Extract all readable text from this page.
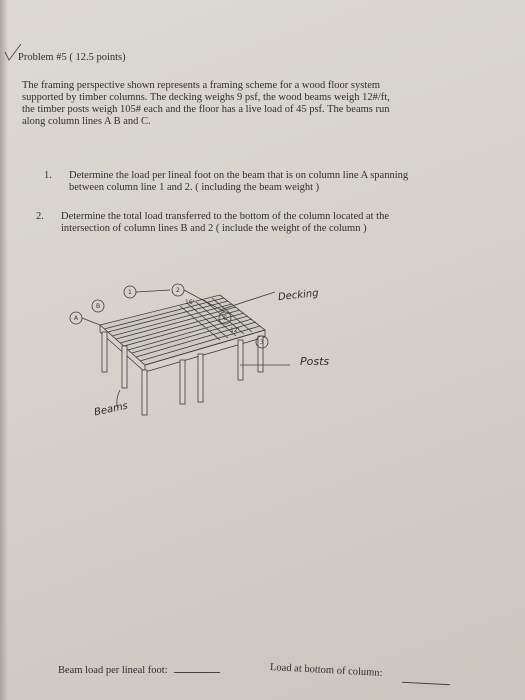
Problem #5 ( 12.5 points)
The framing perspective shown represents a framing scheme for a wood floor system
supported by timber columns. The decking weighs 9 psf, the wood beams weigh 12#/ft,
the timber posts weigh 105# each and the floor has a live load of 45 psf. The beams run
along column lines A B and C.
1.	Determine the load per lineal foot on the beam that is on column line A spanning
between column line 1 and 2. ( including the beam weight )
2.	Determine the total load transferred to the bottom of the column located at the
intersection of column lines B and 2 ( include the weight of the column )
1	2
3
A
B
C
16'
12'
Decking
Posts
Beams
Beam load per lineal foot:	Load at bottom of column:
